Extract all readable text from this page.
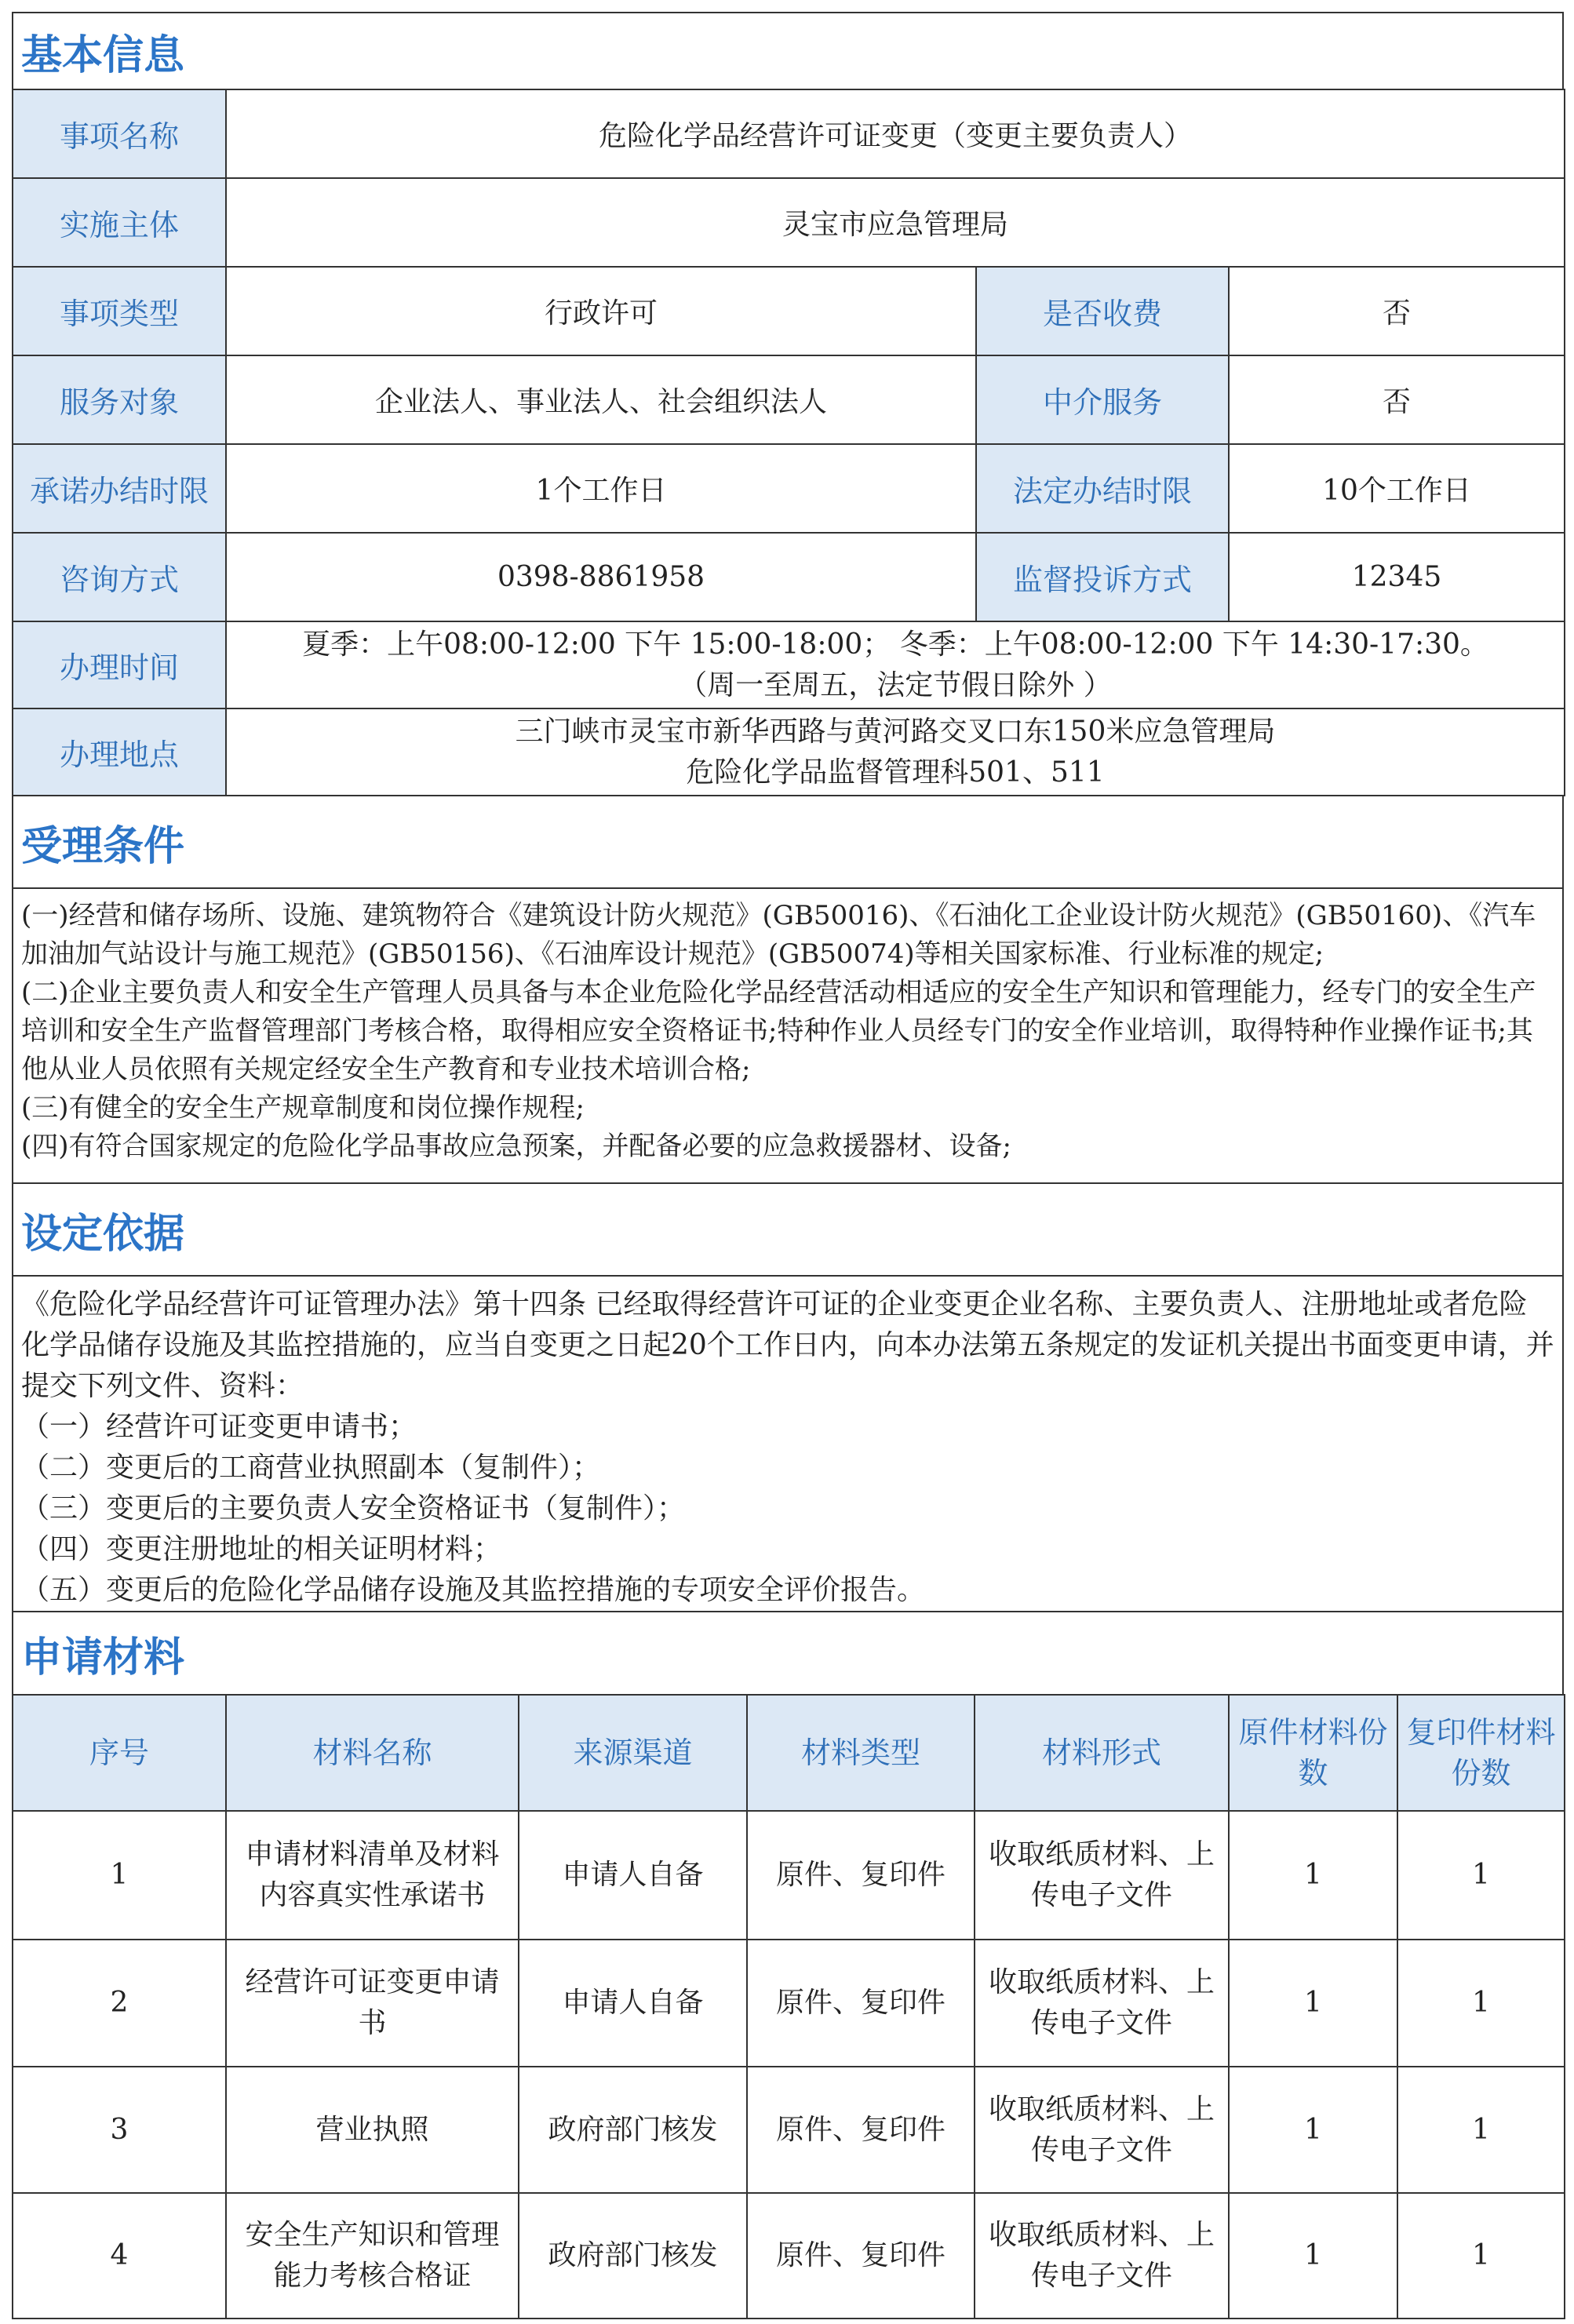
基本信息
事项名称	危险化学品经营许可证变更（变更主要负责人）		
实施主体	灵宝市应急管理局		
事项类型	行政许可	是否收费	否
服务对象	企业法人、事业法人、社会组织法人	中介服务	否
承诺办结时限	1个工作日	法定办结时限	10个工作日
咨询方式	0398-8861958	监督投诉方式	12345
办理时间	夏季：上午08:00-12:00 下午 15:00-18:00； 冬季：上午08:00-12:00 下午 14:30-17:30。
（周一至周五，法定节假日除外 ）		

办理地点	三门峡市灵宝市新华西路与黄河路交叉口东150米应急管理局
危险化学品监督管理科501、511		
受理条件
(一)经营和储存场所、设施、建筑物符合《建筑设计防火规范》(GB50016)、《石油化工企业设计防火规范》(GB50160)、《汽车加油加气站设计与施工规范》(GB50156)、《石油库设计规范》(GB50074)等相关国家标准、行业标准的规定;
(二)企业主要负责人和安全生产管理人员具备与本企业危险化学品经营活动相适应的安全生产知识和管理能力，经专门的安全生产培训和安全生产监督管理部门考核合格，取得相应安全资格证书;特种作业人员经专门的安全作业培训，取得特种作业操作证书;其他从业人员依照有关规定经安全生产教育和专业技术培训合格;
(三)有健全的安全生产规章制度和岗位操作规程;
(四)有符合国家规定的危险化学品事故应急预案，并配备必要的应急救援器材、设备;
设定依据
《危险化学品经营许可证管理办法》第十四条 已经取得经营许可证的企业变更企业名称、主要负责人、注册地址或者危险化学品储存设施及其监控措施的，应当自变更之日起20个工作日内，向本办法第五条规定的发证机关提出书面变更申请，并提交下列文件、资料：
（一）经营许可证变更申请书；
（二）变更后的工商营业执照副本（复制件）；
（三）变更后的主要负责人安全资格证书（复制件）；
（四）变更注册地址的相关证明材料；
（五）变更后的危险化学品储存设施及其监控措施的专项安全评价报告。
申请材料
序号	材料名称	来源渠道	材料类型	材料形式	原件材料份数	复印件材料份数
1	申请材料清单及材料内容真实性承诺书	申请人自备	原件、复印件	收取纸质材料、上传电子文件	1	1
2	经营许可证变更申请书	申请人自备	原件、复印件	收取纸质材料、上传电子文件	1	1
3	营业执照	政府部门核发	原件、复印件	收取纸质材料、上传电子文件	1	1
4	安全生产知识和管理能力考核合格证	政府部门核发	原件、复印件	收取纸质材料、上传电子文件	1	1
